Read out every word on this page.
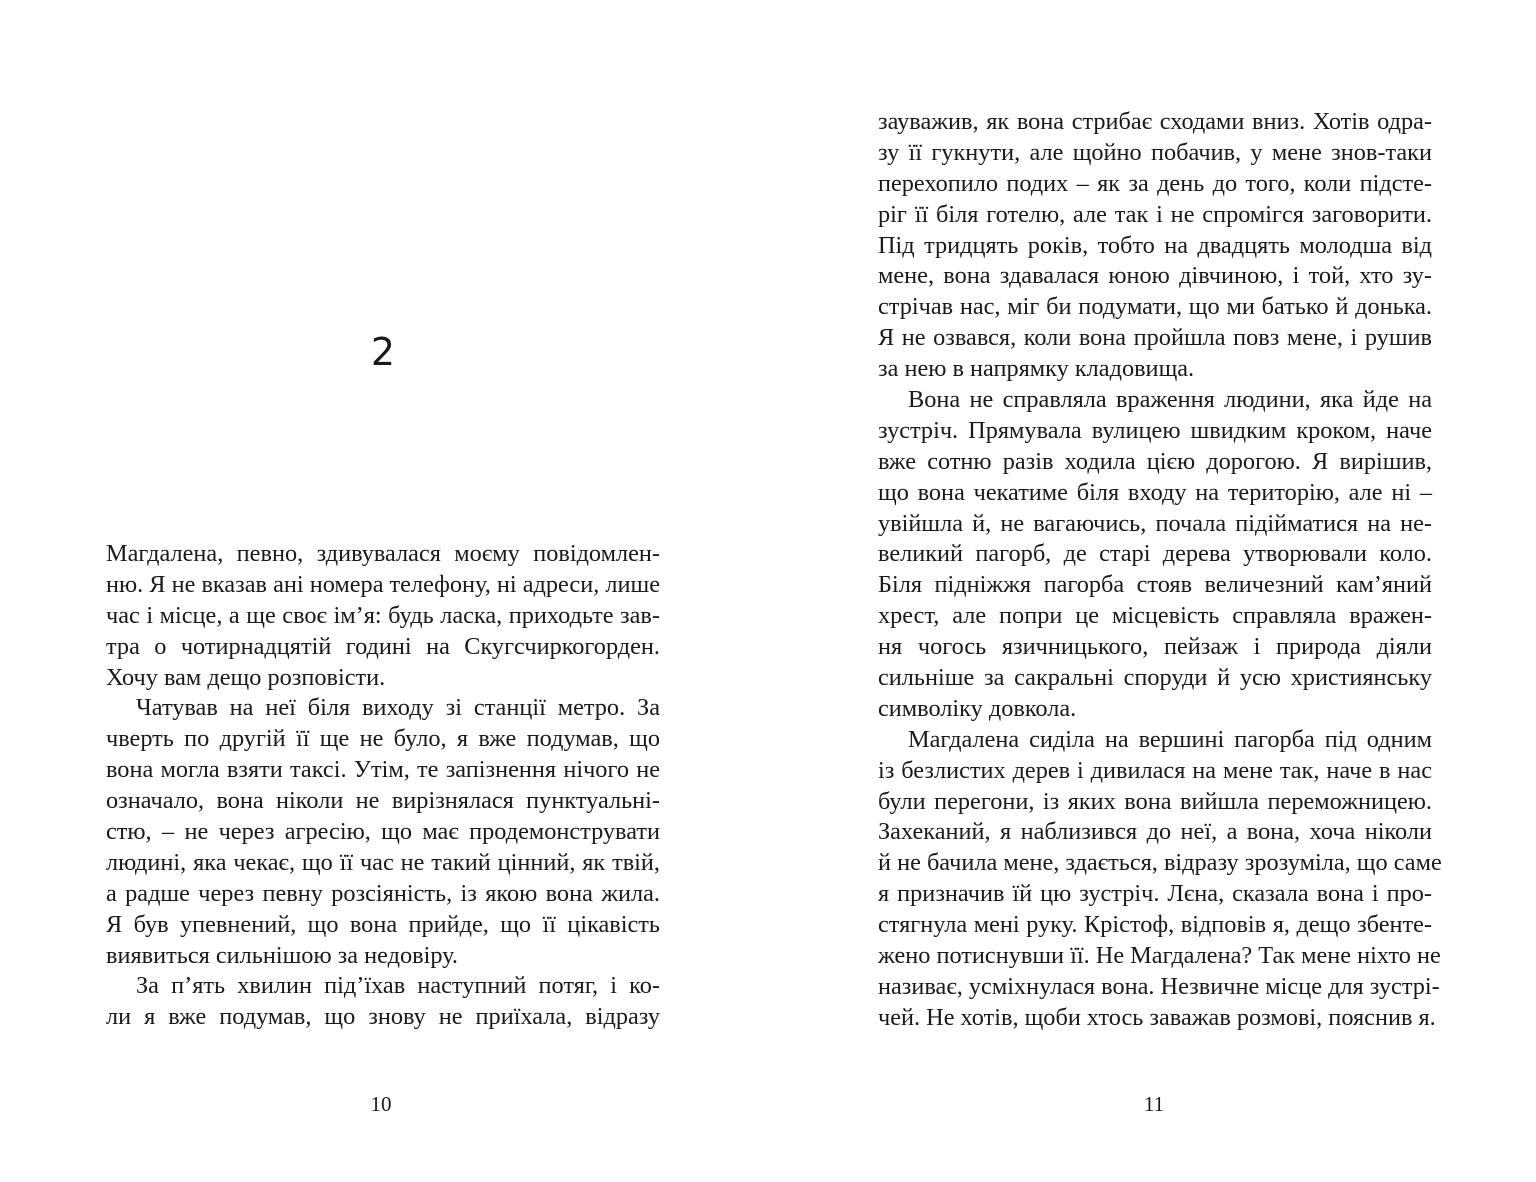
2
Магдалена, певно, здивувалася моєму повідомлен-
ню. Я не вказав ані номера телефону, ні адреси, лише
час і місце, а ще своє ім’я: будь ласка, приходьте зав-
тра о чотирнадцятій годині на Скугсчиркогорден.
Хочу вам дещо розповісти.
Чатував на неї біля виходу зі станції метро. За
чверть по другій її ще не було, я вже подумав, що
вона могла взяти таксі. Утім, те запізнення нічого не
означало, вона ніколи не вирізнялася пунктуальні-
стю, – не через агресію, що має продемонструвати
людині, яка чекає, що її час не такий цінний, як твій,
а радше через певну розсіяність, із якою вона жила.
Я був упевнений, що вона прийде, що її цікавість
виявиться сильнішою за недовіру.
За п’ять хвилин під’їхав наступний потяг, і ко-
ли я вже подумав, що знову не приїхала, відразу
10
зауважив, як вона стрибає сходами вниз. Хотів одра-
зу її гукнути, але щойно побачив, у мене знов-таки
перехопило подих – як за день до того, коли підсте-
ріг її біля готелю, але так і не спромігся заговорити.
Під тридцять років, тобто на двадцять молодша від
мене, вона здавалася юною дівчиною, і той, хто зу-
стрічав нас, міг би подумати, що ми батько й донька.
Я не озвався, коли вона пройшла повз мене, і рушив
за нею в напрямку кладовища.
Вона не справляла враження людини, яка йде на
зустріч. Прямувала вулицею швидким кроком, наче
вже сотню разів ходила цією дорогою. Я вирішив,
що вона чекатиме біля входу на територію, але ні –
увійшла й, не вагаючись, почала підійматися на не-
великий пагорб, де старі дерева утворювали коло.
Біля підніжжя пагорба стояв величезний кам’яний
хрест, але попри це місцевість справляла вражен-
ня чогось язичницького, пейзаж і природа діяли
сильніше за сакральні споруди й усю християнську
символіку довкола.
Магдалена сиділа на вершині пагорба під одним
із безлистих дерев і дивилася на мене так, наче в нас
були перегони, із яких вона вийшла переможницею.
Захеканий, я наблизився до неї, а вона, хоча ніколи
й не бачила мене, здається, відразу зрозуміла, що саме
я призначив їй цю зустріч. Лєна, сказала вона і про-
стягнула мені руку. Крістоф, відповів я, дещо збенте-
жено потиснувши її. Не Магдалена? Так мене ніхто не
називає, усміхнулася вона. Незвичне місце для зустрі-
чей. Не хотів, щоби хтось заважав розмові, пояснив я.
11
